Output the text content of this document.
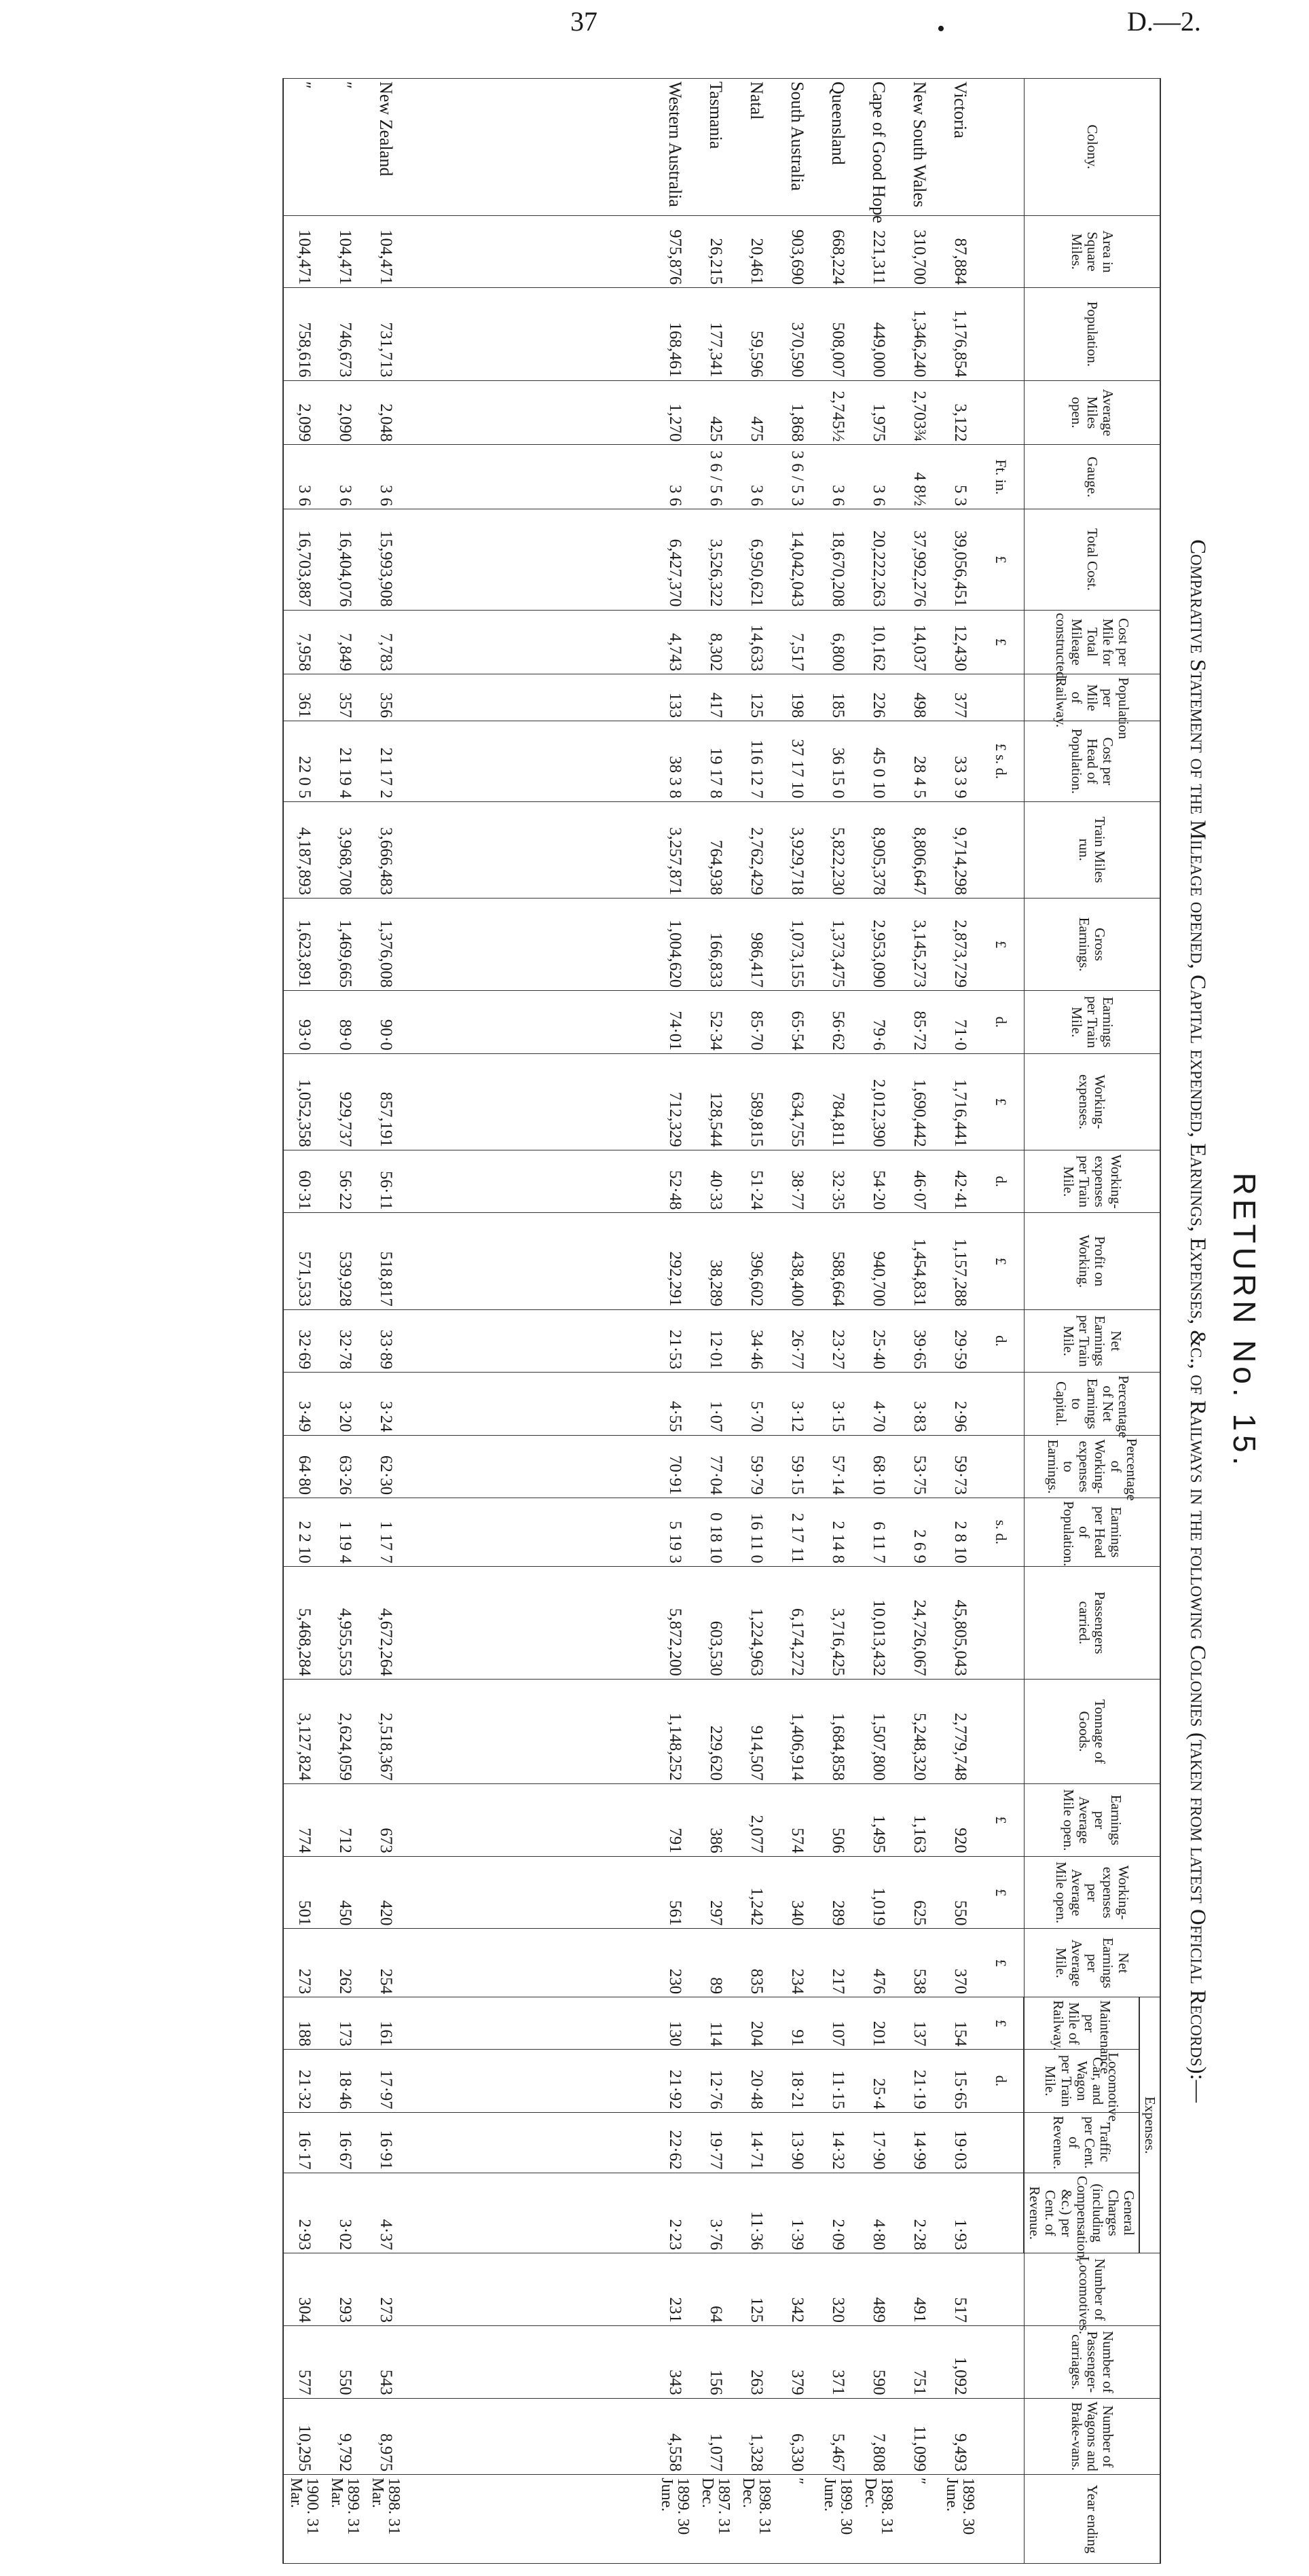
37	•	D.—2.
RETURN No. 15.
Comparative Statement of the Mileage opened, Capital expended, Earnings, Expenses, &c., of Railways in the following Colonies (taken from latest Official Records):—
Colony.	Area in Square Miles.	Population.	Average Miles open.	Gauge.	Total Cost.	Cost per Mile for Total Mileage constructed.	Population per Mile of Railway.	Cost per Head of Population.	Train Miles run.	Gross Earnings.	Earnings per Train Mile.	Working-expenses.	Working-expenses per Train Mile.	Profit on Working.	Net Earnings per Train Mile.	Percentage of Net Earnings to Capital.	Percentage of Working-expenses to Earnings.	Earnings per Head of Population.	Passengers carried.	Tonnage of Goods.	Earnings per Average Mile open.	Working-expenses per Average Mile open.	Net Earnings per Average Mile.	Expenses.				Number of Locomotives.	Number of Passenger-carriages.	Number of Wagons and Brake-vans.	Year ending
																								Maintenance per Mile of Railway.	Locomotive, Car, and Wagon per Train Mile.	Traffic per Cent. of Revenue.	General Charges (including Compensation, &c.) per Cent. of Revenue.				
				Ft. in.	£	£		£ s. d.		£	d.	£	d.	£	d.			s. d.			£	£	£	£	d.						
Victoria	87,884	1,176,854	3,122	5 3	39,056,451	12,430	377	33 3 9	9,714,298	2,873,729	71·0	1,716,441	42·41	1,157,288	29·59	2·96	59·73	2 8 10	45,805,043	2,779,748	920	550	370	154	15·65	19·03	1·93	517	1,092	9,493	1899. 30 June.
New South Wales	310,700	1,346,240	2,703¾	4 8½	37,992,276	14,037	498	28 4 5	8,806,647	3,145,273	85·72	1,690,442	46·07	1,454,831	39·65	3·83	53·75	2 6 9	24,726,067	5,248,320	1,163	625	538	137	21·19	14·99	2·28	491	751	11,099	″
Cape of Good Hope	221,311	449,000	1,975	3 6	20,222,263	10,162	226	45 0 10	8,905,378	2,953,090	79·6	2,012,390	54·20	940,700	25·40	4·70	68·10	6 11 7	10,013,432	1,507,800	1,495	1,019	476	201	25·4	17·90	4·80	489	590	7,808	1898. 31 Dec.
Queensland	668,224	508,007	2,745½	3 6	18,670,208	6,800	185	36 15 0	5,822,230	1,373,475	56·62	784,811	32·35	588,664	23·27	3·15	57·14	2 14 8	3,716,425	1,684,858	506	289	217	107	11·15	14·32	2·09	320	371	5,467	1899. 30 June.
South Australia	903,690	370,590	1,868	3 6 / 5 3	14,042,043	7,517	198	37 17 10	3,929,718	1,073,155	65·54	634,755	38·77	438,400	26·77	3·12	59·15	2 17 11	6,174,272	1,406,914	574	340	234	91	18·21	13·90	1·39	342	379	6,330	″
Natal	20,461	59,596	475	3 6	6,950,621	14,633	125	116 12 7	2,762,429	986,417	85·70	589,815	51·24	396,602	34·46	5·70	59·79	16 11 0	1,224,963	914,507	2,077	1,242	835	204	20·48	14·71	11·36	125	263	1,328	1898. 31 Dec.
Tasmania	26,215	177,341	425	3 6 / 5 6	3,526,322	8,302	417	19 17 8	764,938	166,833	52·34	128,544	40·33	38,289	12·01	1·07	77·04	0 18 10	603,530	229,620	386	297	89	114	12·76	19·77	3·76	64	156	1,077	1897. 31 Dec.
Western Australia	975,876	168,461	1,270	3 6	6,427,370	4,743	133	38 3 8	3,257,871	1,004,620	74·01	712,329	52·48	292,291	21·53	4·55	70·91	5 19 3	5,872,200	1,148,252	791	561	230	130	21·92	22·62	2·23	231	343	4,558	1899. 30 June.

New Zealand	104,471	731,713	2,048	3 6	15,993,908	7,783	356	21 17 2	3,666,483	1,376,008	90·0	857,191	56·11	518,817	33·89	3·24	62·30	1 17 7	4,672,264	2,518,367	673	420	254	161	17·97	16·91	4·37	273	543	8,975	1898. 31 Mar.
″	104,471	746,673	2,090	3 6	16,404,076	7,849	357	21 19 4	3,968,708	1,469,665	89·0	929,737	56·22	539,928	32·78	3·20	63·26	1 19 4	4,955,553	2,624,059	712	450	262	173	18·46	16·67	3·02	293	550	9,792	1899. 31 Mar.
″	104,471	758,616	2,099	3 6	16,703,887	7,958	361	22 0 5	4,187,893	1,623,891	93·0	1,052,358	60·31	571,533	32·69	3·49	64·80	2 2 10	5,468,284	3,127,824	774	501	273	188	21·32	16·17	2·93	304	577	10,295	1900. 31 Mar.
